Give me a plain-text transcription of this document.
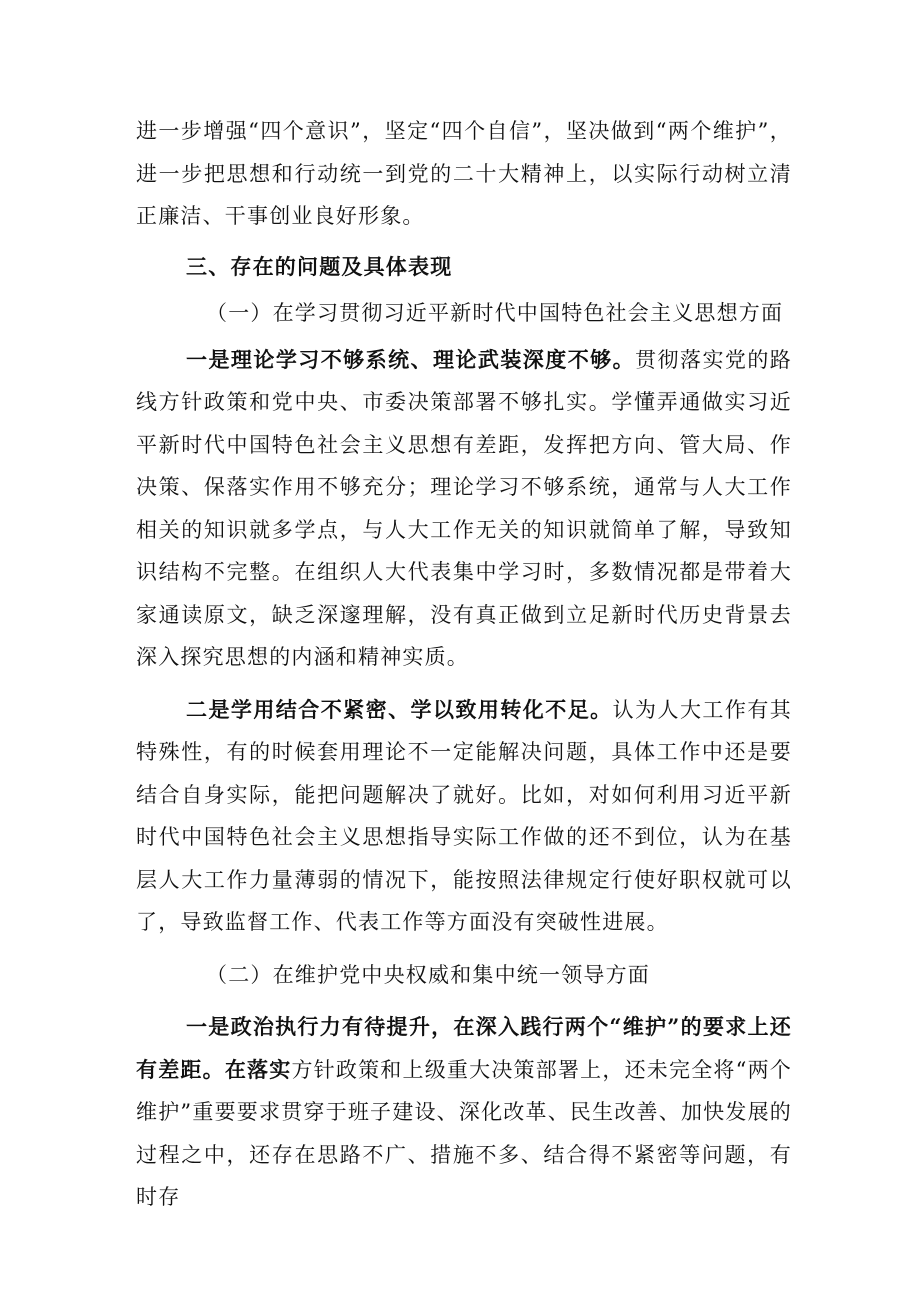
进一步增强“四个意识”，坚定“四个自信”，坚决做到“两个维护”，进一步把思想和行动统一到党的二十大精神上，以实际行动树立清正廉洁、干事创业良好形象。

三、存在的问题及具体表现

（一）在学习贯彻习近平新时代中国特色社会主义思想方面

一是理论学习不够系统、理论武装深度不够。贯彻落实党的路线方针政策和党中央、市委决策部署不够扎实。学懂弄通做实习近平新时代中国特色社会主义思想有差距，发挥把方向、管大局、作决策、保落实作用不够充分；理论学习不够系统，通常与人大工作相关的知识就多学点，与人大工作无关的知识就简单了解，导致知识结构不完整。在组织人大代表集中学习时，多数情况都是带着大家通读原文，缺乏深邃理解，没有真正做到立足新时代历史背景去深入探究思想的内涵和精神实质。

二是学用结合不紧密、学以致用转化不足。认为人大工作有其特殊性，有的时候套用理论不一定能解决问题，具体工作中还是要结合自身实际，能把问题解决了就好。比如，对如何利用习近平新时代中国特色社会主义思想指导实际工作做的还不到位，认为在基层人大工作力量薄弱的情况下，能按照法律规定行使好职权就可以了，导致监督工作、代表工作等方面没有突破性进展。

（二）在维护党中央权威和集中统一领导方面

一是政治执行力有待提升，在深入践行两个“维护”的要求上还有差距。在落实方针政策和上级重大决策部署上，还未完全将“两个维护”重要要求贯穿于班子建设、深化改革、民生改善、加快发展的过程之中，还存在思路不广、措施不多、结合得不紧密等问题，有时存
